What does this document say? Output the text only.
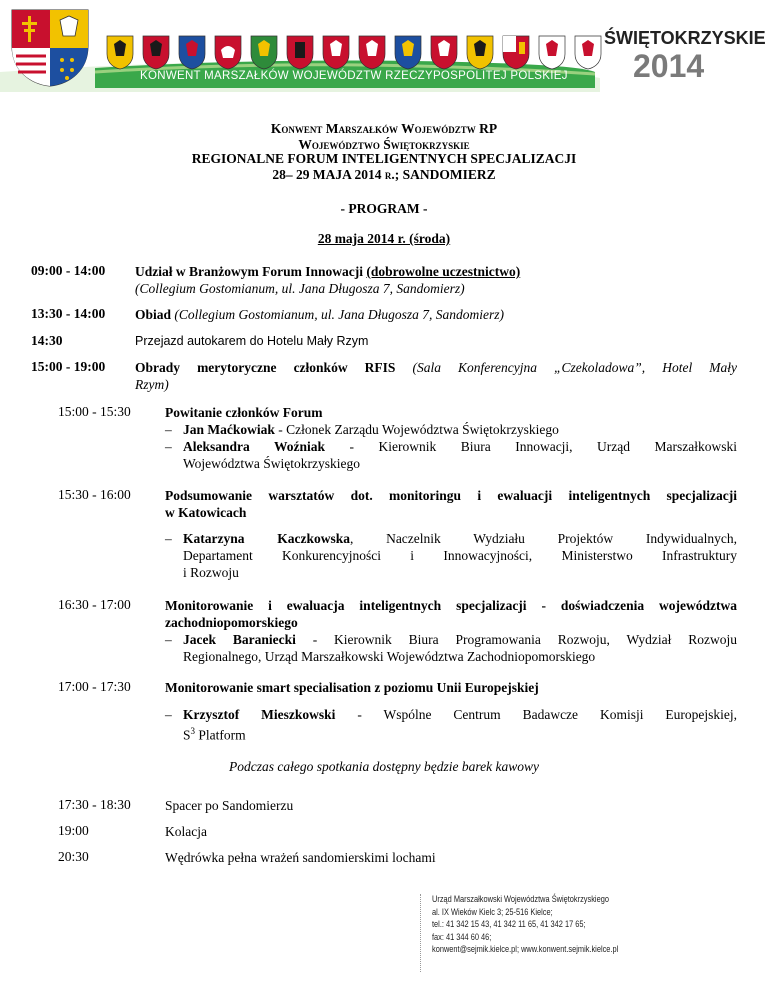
KONWENT MARSZAŁKÓW WOJEWÓDZTW RZECZYPOSPOLITEJ POLSKIEJ
ŚWIĘTOKRZYSKIE
2014
Konwent Marszałków Województw RP
Województwo Świętokrzyskie
REGIONALNE FORUM INTELIGENTNYCH SPECJALIZACJI
28– 29 MAJA 2014 r.; SANDOMIERZ
- PROGRAM -
28 maja 2014 r. (środa)
09:00 - 14:00 Udział w Branżowym Forum Innowacji (dobrowolne uczestnictwo)
(Collegium Gostomianum, ul. Jana Długosza 7, Sandomierz)
13:30 - 14:00 Obiad (Collegium Gostomianum, ul. Jana Długosza 7, Sandomierz)
14:30	Przejazd autokarem do Hotelu Mały Rzym
15:00 - 19:00 Obrady merytoryczne członków RFIS (Sala Konferencyjna „Czekoladowa”, Hotel Mały
Rzym)
15:00 - 15:30	Powitanie członków Forum
– Jan Maćkowiak - Członek Zarządu Województwa Świętokrzyskiego
– Aleksandra Woźniak - Kierownik Biura Innowacji, Urząd Marszałkowski
Województwa Świętokrzyskiego
15:30 - 16:00	Podsumowanie warsztatów dot. monitoringu i ewaluacji inteligentnych specjalizacji
w Katowicach
– Katarzyna Kaczkowska, Naczelnik Wydziału Projektów Indywidualnych,
Departament Konkurencyjności i Innowacyjności, Ministerstwo Infrastruktury
i Rozwoju
16:30 - 17:00	Monitorowanie i ewaluacja inteligentnych specjalizacji - doświadczenia województwa
zachodniopomorskiego
– Jacek Baraniecki - Kierownik Biura Programowania Rozwoju, Wydział Rozwoju
Regionalnego, Urząd Marszałkowski Województwa Zachodniopomorskiego
17:00 - 17:30	Monitorowanie smart specialisation z poziomu Unii Europejskiej
– Krzysztof Mieszkowski - Wspólne Centrum Badawcze Komisji Europejskiej,
$S^3$ Platform
Podczas całego spotkania dostępny będzie barek kawowy
17:30 - 18:30	Spacer po Sandomierzu
19:00	Kolacja
20:30	Wędrówka pełna wrażeń sandomierskimi lochami
Urząd Marszałkowski Województwa Świętokrzyskiego
al. IX Wieków Kielc 3; 25-516 Kielce;
tel.: 41 342 15 43, 41 342 11 65, 41 342 17 65;
fax: 41 344 60 46;
konwent@sejmik.kielce.pl; www.konwent.sejmik.kielce.pl
